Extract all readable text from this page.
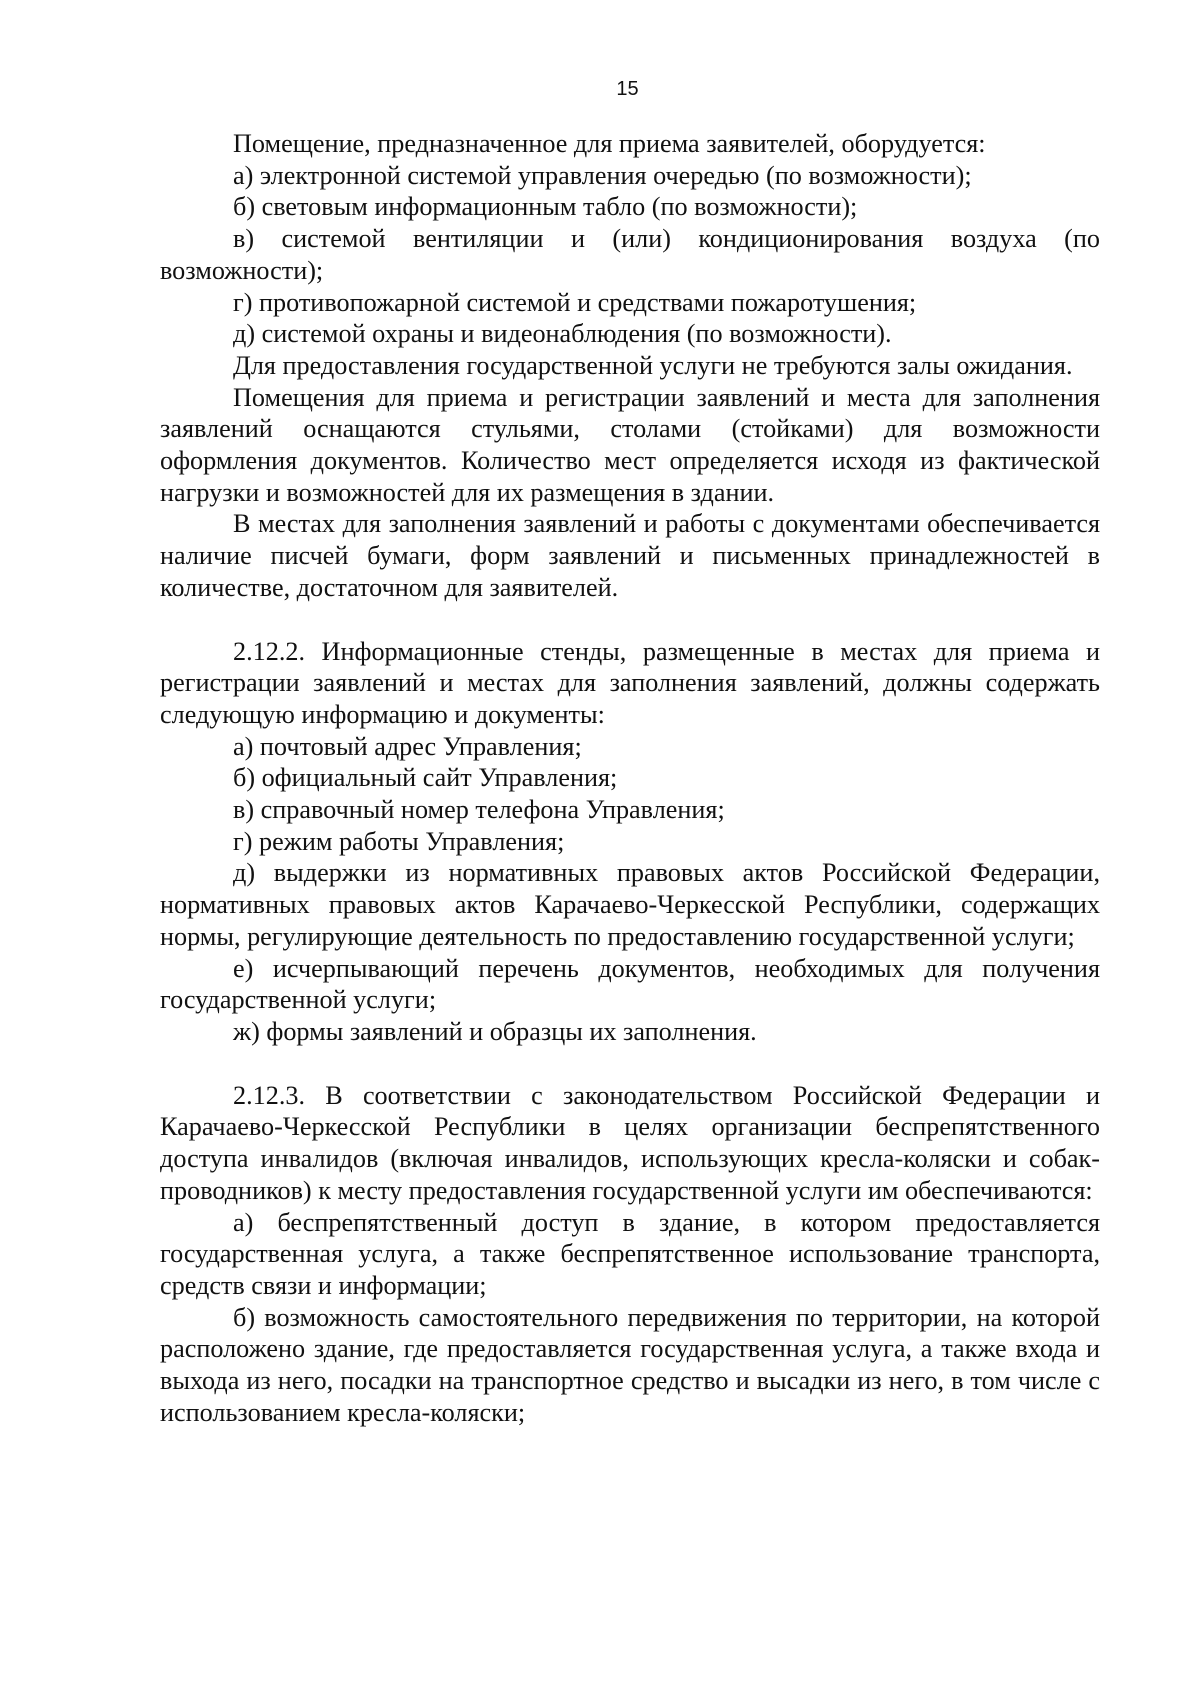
15

Помещение, предназначенное для приема заявителей, оборудуется:

а) электронной системой управления очередью (по возможности);

б) световым информационным табло (по возможности);

в) системой вентиляции и (или) кондиционирования воздуха (по возможности);

г) противопожарной системой и средствами пожаротушения;

д) системой охраны и видеонаблюдения (по возможности).

Для предоставления государственной услуги не требуются залы ожидания.

Помещения для приема и регистрации заявлений и места для заполнения заявлений оснащаются стульями, столами (стойками) для возможности оформления документов. Количество мест определяется исходя из фактической нагрузки и возможностей для их размещения в здании.

В местах для заполнения заявлений и работы с документами обеспечивается наличие писчей бумаги, форм заявлений и письменных принадлежностей в количестве, достаточном для заявителей.

2.12.2. Информационные стенды, размещенные в местах для приема и регистрации заявлений и местах для заполнения заявлений, должны содержать следующую информацию и документы:

а) почтовый адрес Управления;

б) официальный сайт Управления;

в) справочный номер телефона Управления;

г) режим работы Управления;

д) выдержки из нормативных правовых актов Российской Федерации, нормативных правовых актов Карачаево-Черкесской Республики, содержащих нормы, регулирующие деятельность по предоставлению государственной услуги;

е) исчерпывающий перечень документов, необходимых для получения государственной услуги;

ж) формы заявлений и образцы их заполнения.

2.12.3. В соответствии с законодательством Российской Федерации и Карачаево-Черкесской Республики в целях организации беспрепятственного доступа инвалидов (включая инвалидов, использующих кресла-коляски и собак-проводников) к месту предоставления государственной услуги им обеспечиваются:

а) беспрепятственный доступ в здание, в котором предоставляется государственная услуга, а также беспрепятственное использование транспорта, средств связи и информации;

б) возможность самостоятельного передвижения по территории, на которой расположено здание, где предоставляется государственная услуга, а также входа и выхода из него, посадки на транспортное средство и высадки из него, в том числе с использованием кресла-коляски;
